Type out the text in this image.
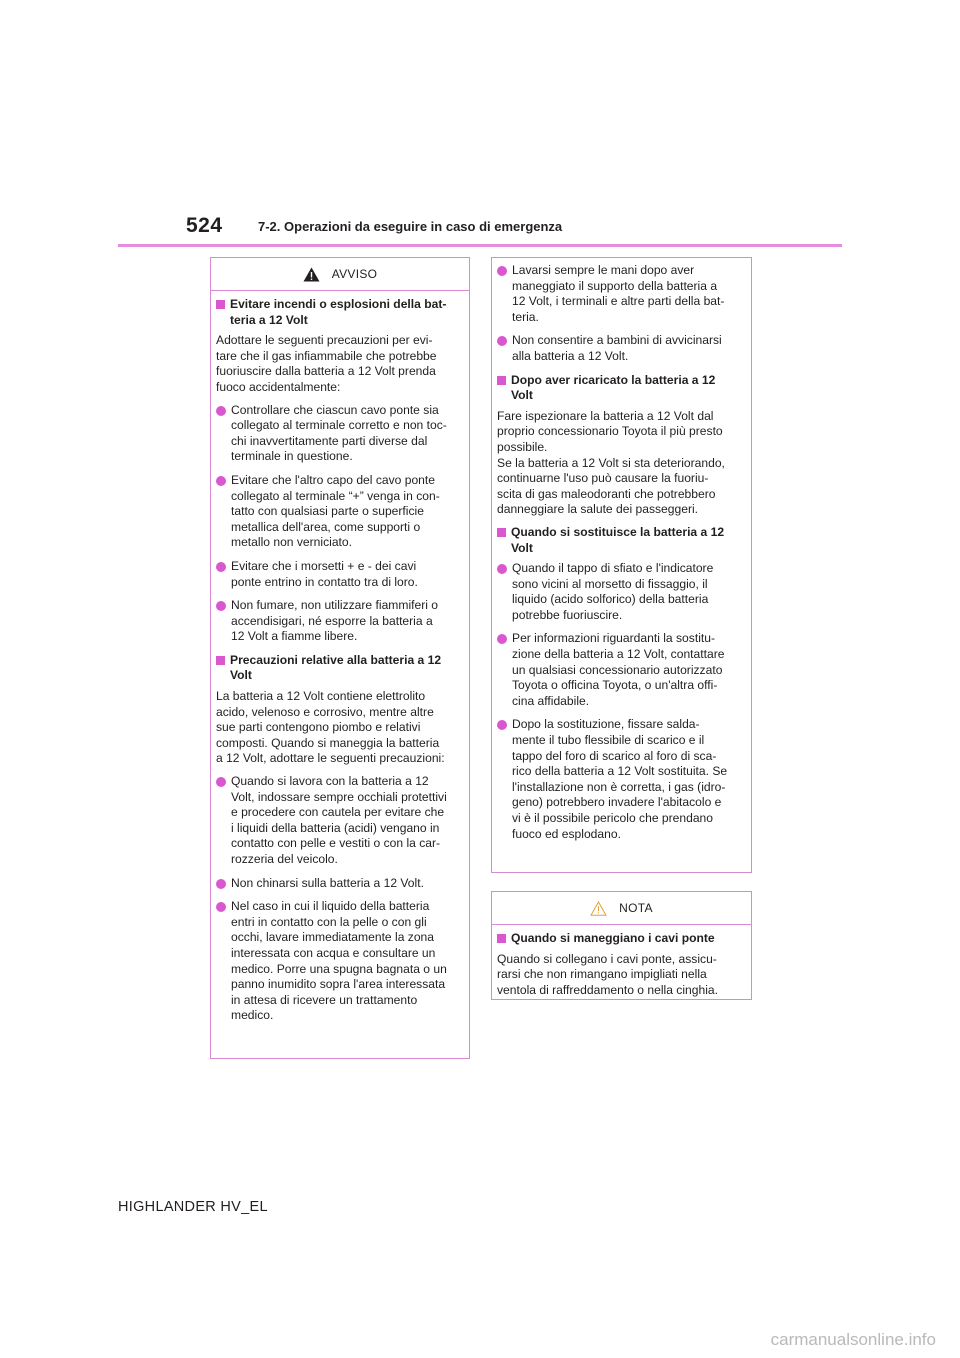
524	7-2. Operazioni da eseguire in caso di emergenza
AVVISO
Evitare incendi o esplosioni della bat-
teria a 12 Volt
Adottare le seguenti precauzioni per evi-
tare che il gas infiammabile che potrebbe
fuoriuscire dalla batteria a 12 Volt prenda
fuoco accidentalmente:
Controllare che ciascun cavo ponte sia
collegato al terminale corretto e non toc-
chi inavvertitamente parti diverse dal
terminale in questione.
Evitare che l'altro capo del cavo ponte
collegato al terminale “+” venga in con-
tatto con qualsiasi parte o superficie
metallica dell'area, come supporti o
metallo non verniciato.
Evitare che i morsetti + e - dei cavi
ponte entrino in contatto tra di loro.
Non fumare, non utilizzare fiammiferi o
accendisigari, né esporre la batteria a
12 Volt a fiamme libere.
Precauzioni relative alla batteria a 12
Volt
La batteria a 12 Volt contiene elettrolito
acido, velenoso e corrosivo, mentre altre
sue parti contengono piombo e relativi
composti. Quando si maneggia la batteria
a 12 Volt, adottare le seguenti precauzioni:
Quando si lavora con la batteria a 12
Volt, indossare sempre occhiali protettivi
e procedere con cautela per evitare che
i liquidi della batteria (acidi) vengano in
contatto con pelle e vestiti o con la car-
rozzeria del veicolo.
Non chinarsi sulla batteria a 12 Volt.
Nel caso in cui il liquido della batteria
entri in contatto con la pelle o con gli
occhi, lavare immediatamente la zona
interessata con acqua e consultare un
medico. Porre una spugna bagnata o un
panno inumidito sopra l'area interessata
in attesa di ricevere un trattamento
medico.
Lavarsi sempre le mani dopo aver
maneggiato il supporto della batteria a
12 Volt, i terminali e altre parti della bat-
teria.
Non consentire a bambini di avvicinarsi
alla batteria a 12 Volt.
Dopo aver ricaricato la batteria a 12
Volt
Fare ispezionare la batteria a 12 Volt dal
proprio concessionario Toyota il più presto
possibile.
Se la batteria a 12 Volt si sta deteriorando,
continuarne l'uso può causare la fuoriu-
scita di gas maleodoranti che potrebbero
danneggiare la salute dei passeggeri.
Quando si sostituisce la batteria a 12
Volt
Quando il tappo di sfiato e l'indicatore
sono vicini al morsetto di fissaggio, il
liquido (acido solforico) della batteria
potrebbe fuoriuscire.
Per informazioni riguardanti la sostitu-
zione della batteria a 12 Volt, contattare
un qualsiasi concessionario autorizzato
Toyota o officina Toyota, o un'altra offi-
cina affidabile.
Dopo la sostituzione, fissare salda-
mente il tubo flessibile di scarico e il
tappo del foro di scarico al foro di sca-
rico della batteria a 12 Volt sostituita. Se
l'installazione non è corretta, i gas (idro-
geno) potrebbero invadere l'abitacolo e
vi è il possibile pericolo che prendano
fuoco ed esplodano.
NOTA
Quando si maneggiano i cavi ponte
Quando si collegano i cavi ponte, assicu-
rarsi che non rimangano impigliati nella
ventola di raffreddamento o nella cinghia.
HIGHLANDER HV_EL
carmanualsonline.info
